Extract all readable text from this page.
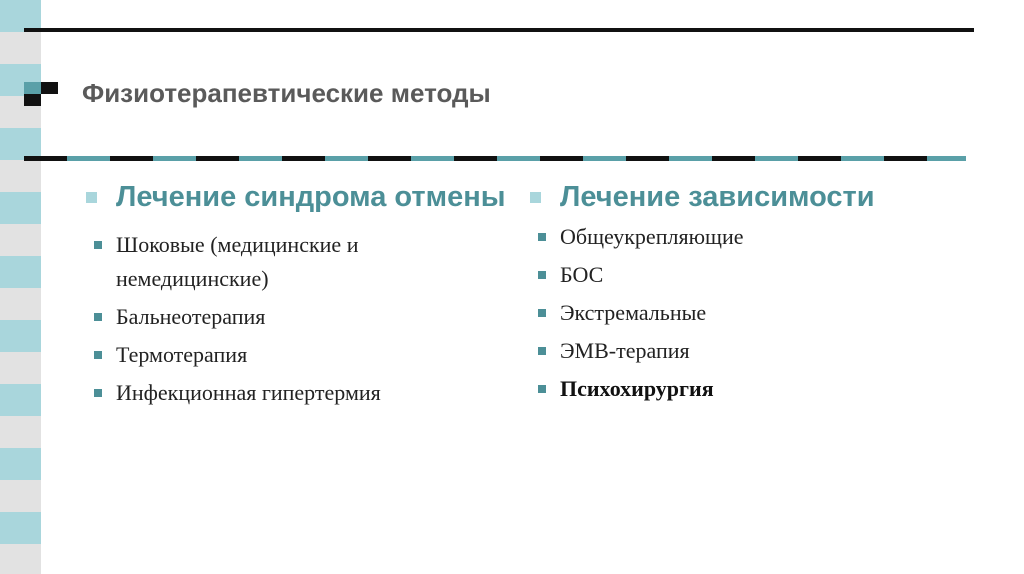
Физиотерапевтические методы
Лечение синдрома отмены
Шоковые (медицинские и немедицинские)
Бальнеотерапия
Термотерапия
Инфекционная гипертермия
Лечение зависимости
Общеукрепляющие
БОС
Экстремальные
ЭМВ-терапия
Психохирургия
